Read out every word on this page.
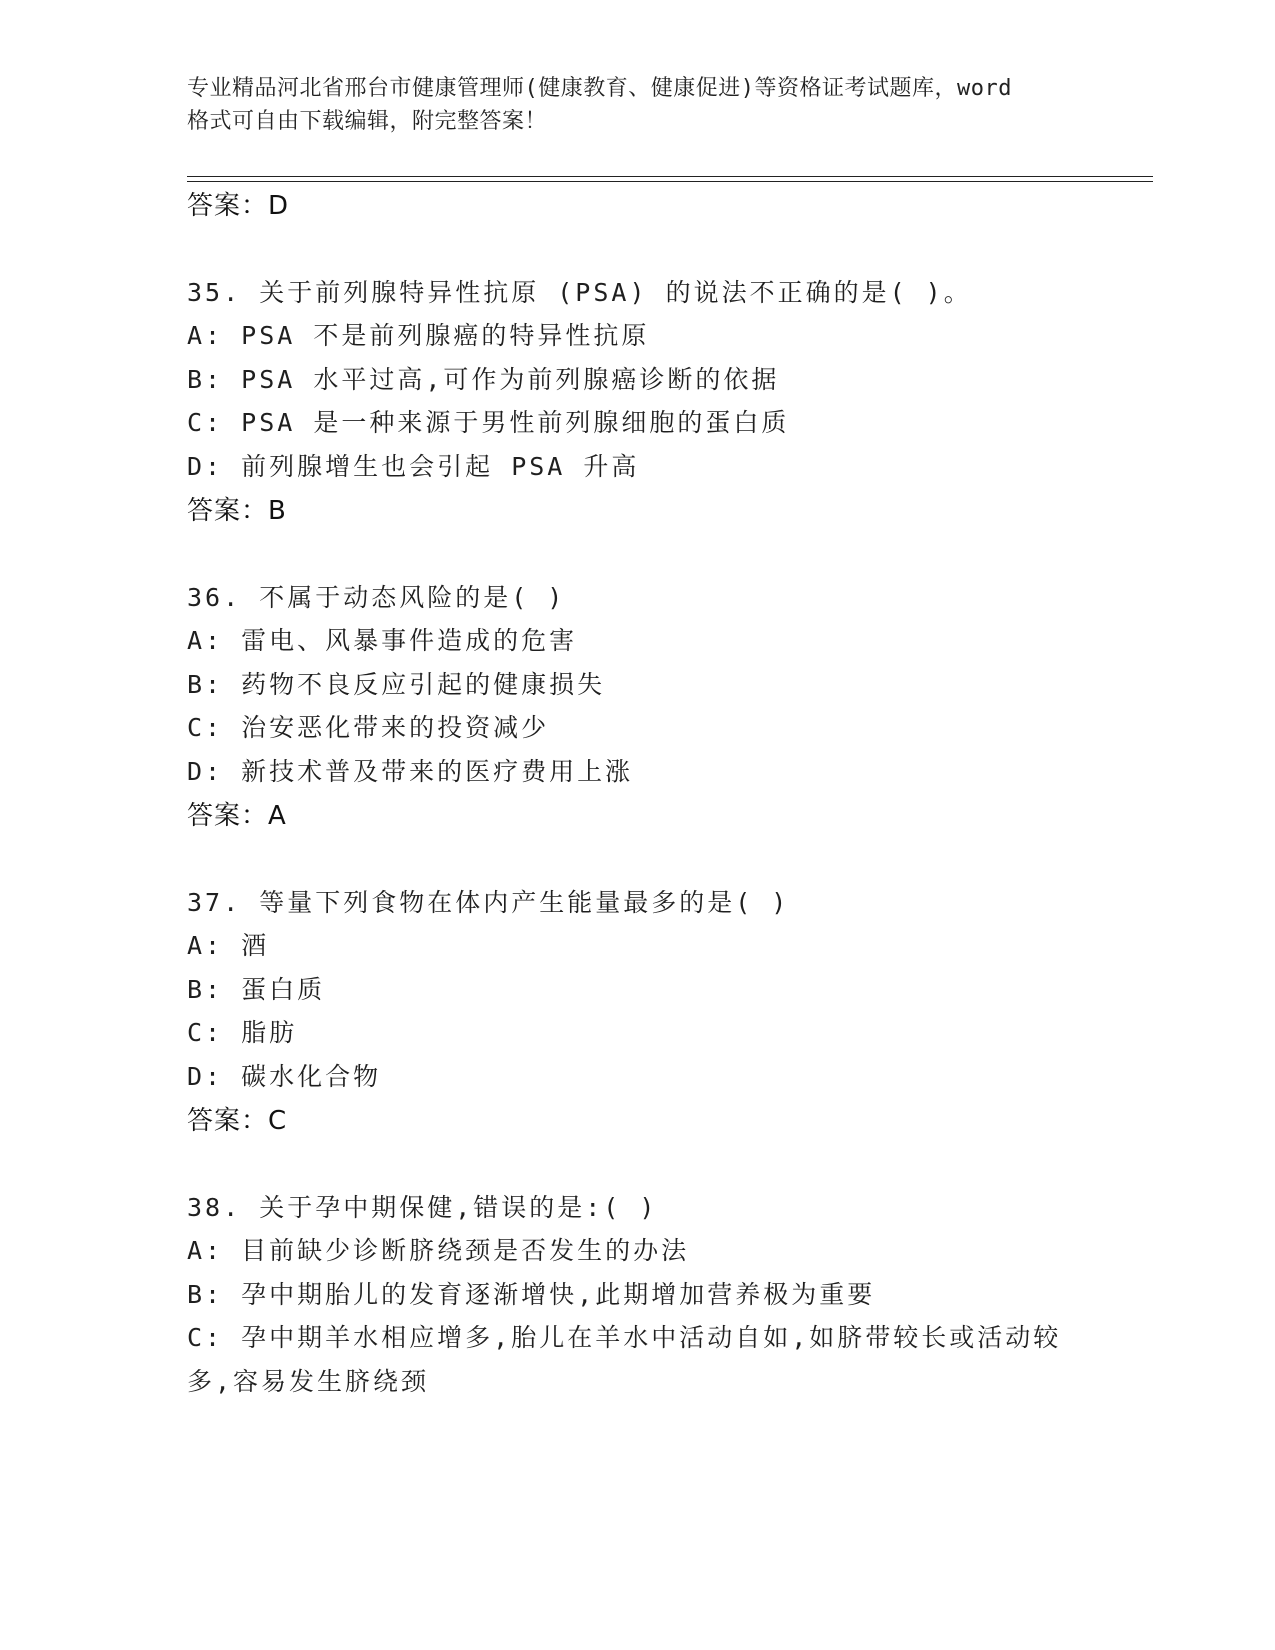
专业精品河北省邢台市健康管理师(健康教育、健康促进)等资格证考试题库，word
格式可自由下载编辑，附完整答案！
答案：D
35. 关于前列腺特异性抗原 (PSA) 的说法不正确的是( )。
A: PSA 不是前列腺癌的特异性抗原
B: PSA 水平过高,可作为前列腺癌诊断的依据
C: PSA 是一种来源于男性前列腺细胞的蛋白质
D: 前列腺增生也会引起 PSA 升高
答案：B
36. 不属于动态风险的是( )
A: 雷电、风暴事件造成的危害
B: 药物不良反应引起的健康损失
C: 治安恶化带来的投资减少
D: 新技术普及带来的医疗费用上涨
答案：A
37. 等量下列食物在体内产生能量最多的是( )
A: 酒
B: 蛋白质
C: 脂肪
D: 碳水化合物
答案：C
38. 关于孕中期保健,错误的是:( )
A: 目前缺少诊断脐绕颈是否发生的办法
B: 孕中期胎儿的发育逐渐增快,此期增加营养极为重要
C: 孕中期羊水相应增多,胎儿在羊水中活动自如,如脐带较长或活动较
多,容易发生脐绕颈
